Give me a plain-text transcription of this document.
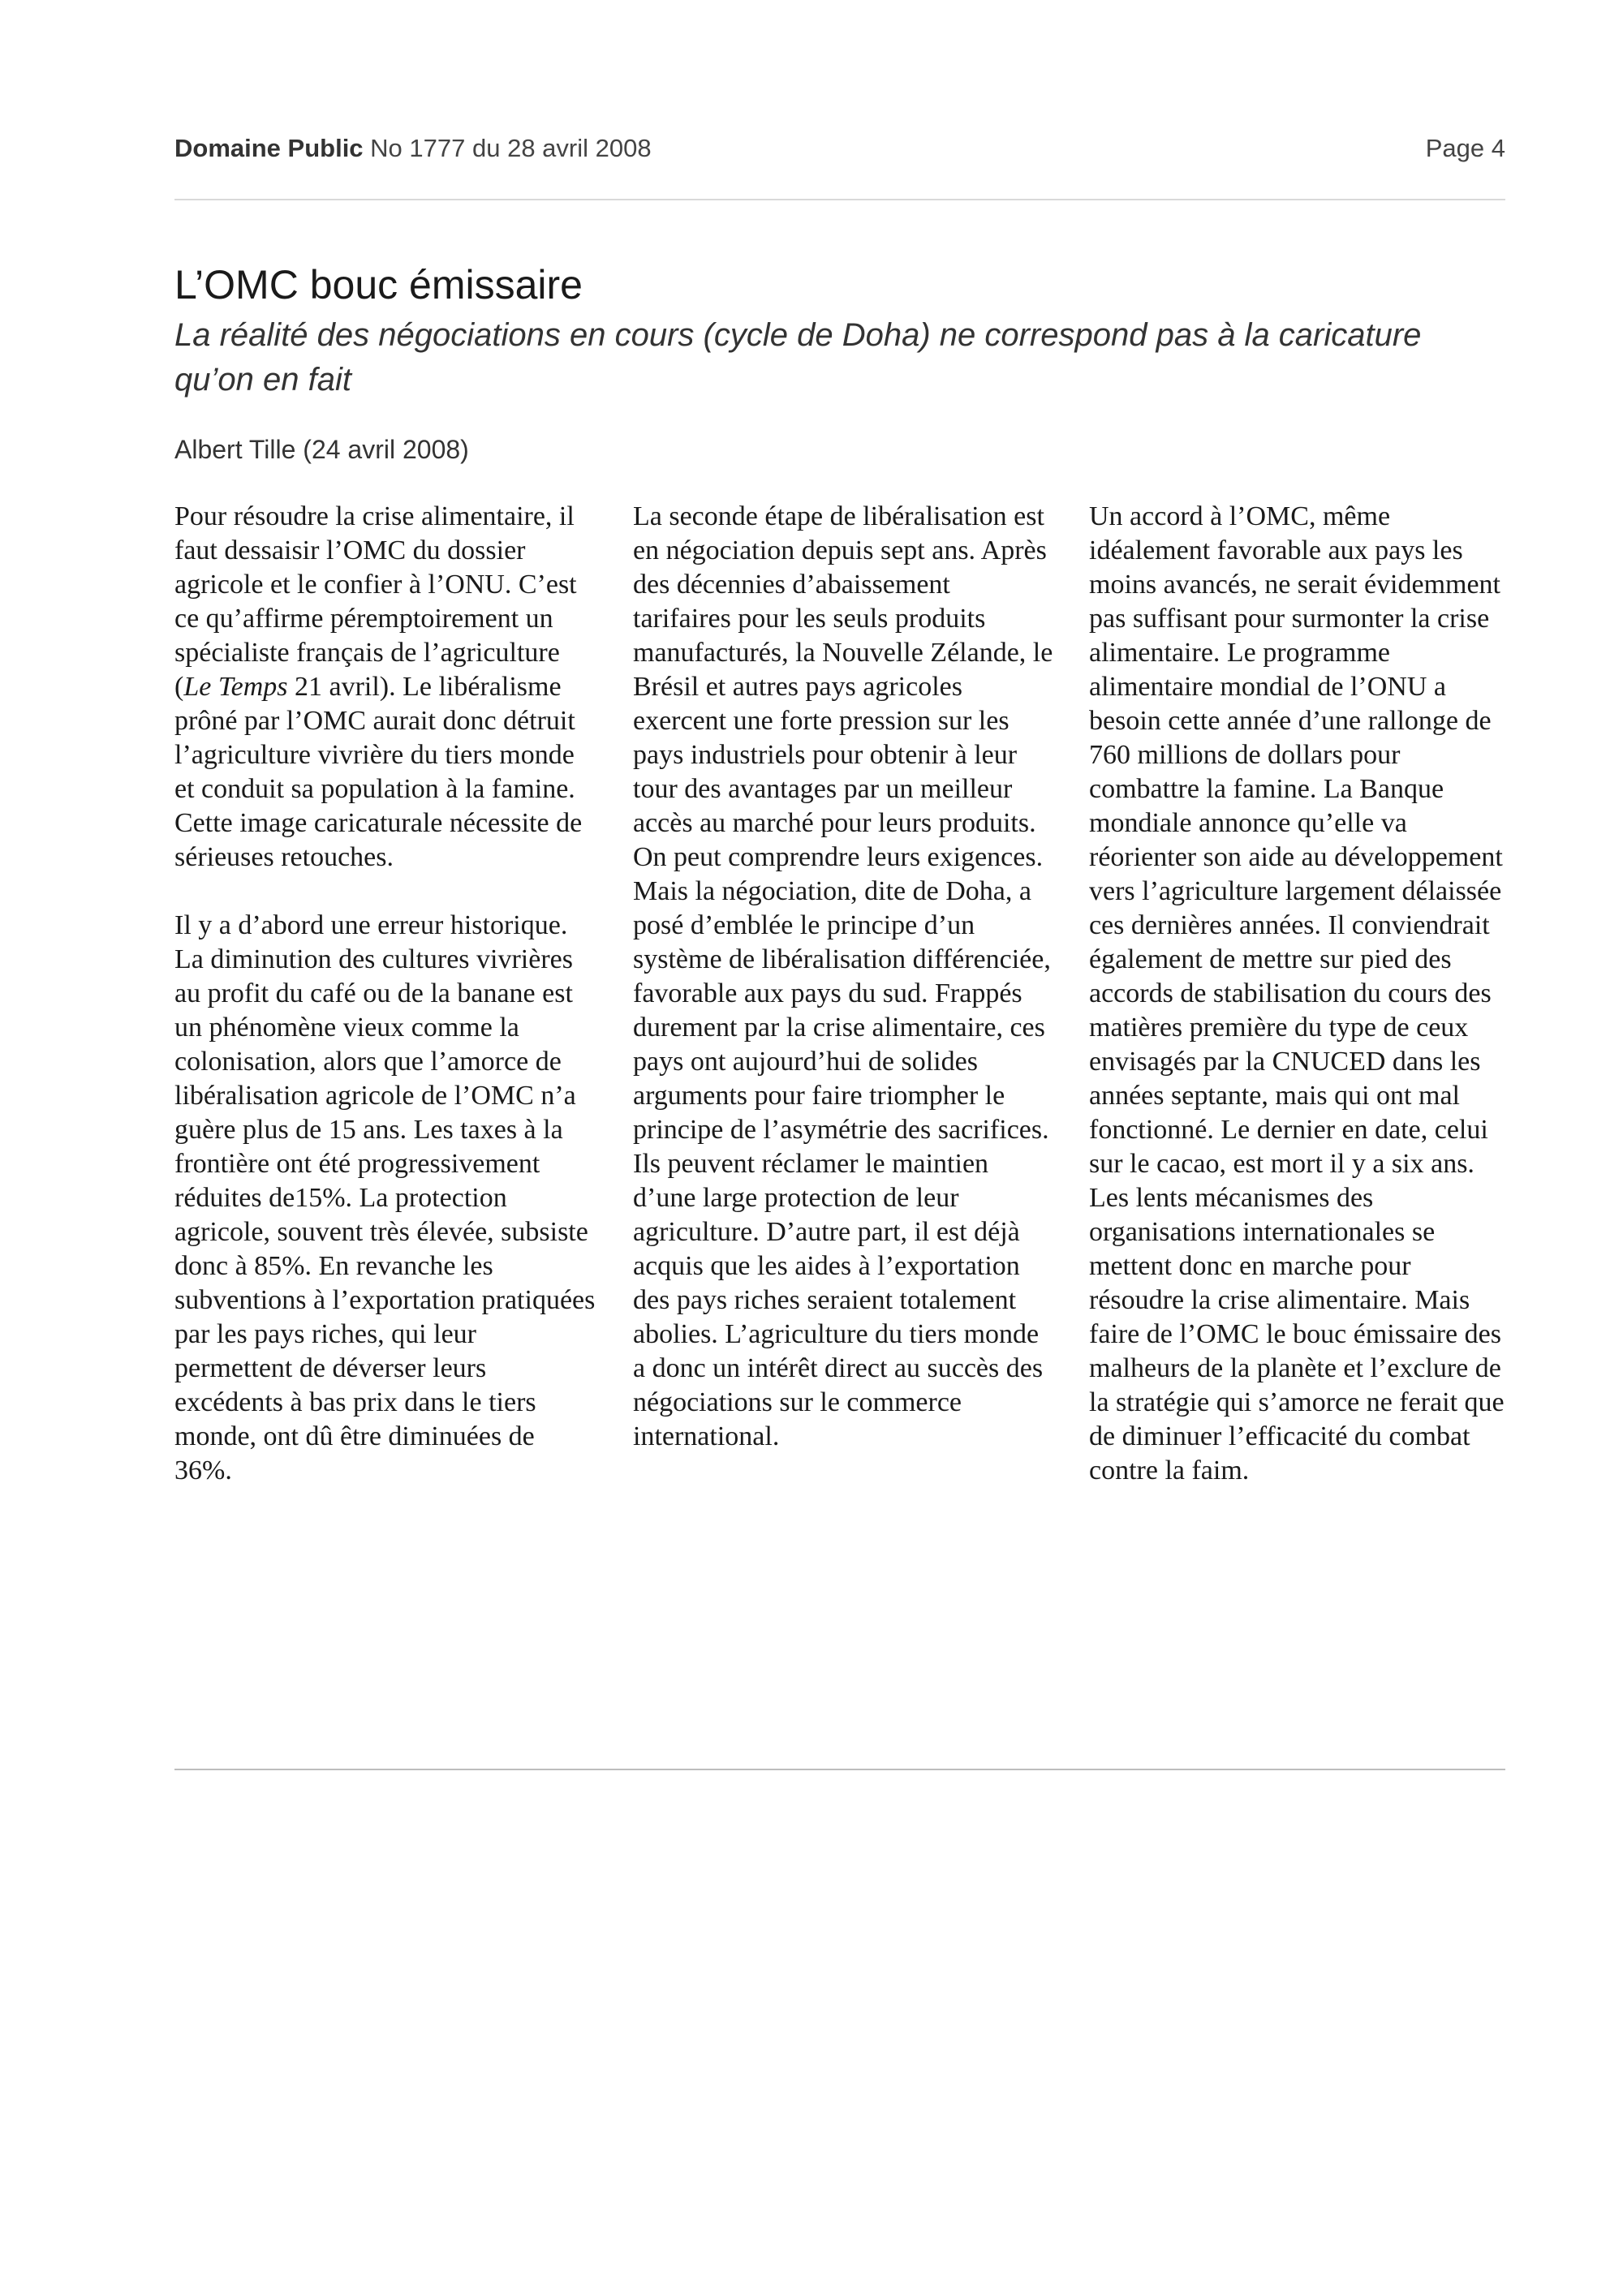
Domaine Public No 1777 du 28 avril 2008	Page 4
L’OMC bouc émissaire

La réalité des négociations en cours (cycle de Doha) ne correspond pas à la caricature qu’on en fait

Albert Tille (24 avril 2008)

Pour résoudre la crise alimentaire, il faut dessaisir l’OMC du dossier agricole et le confier à l’ONU. C’est ce qu’affirme péremptoirement un spécialiste français de l’agriculture (Le Temps 21 avril). Le libéralisme prôné par l’OMC aurait donc détruit l’agriculture vivrière du tiers monde et conduit sa population à la famine. Cette image caricaturale nécessite de sérieuses retouches.

Il y a d’abord une erreur historique. La diminution des cultures vivrières au profit du café ou de la banane est un phénomène vieux comme la colonisation, alors que l’amorce de libéralisation agricole de l’OMC n’a guère plus de 15 ans. Les taxes à la frontière ont été progressivement réduites de15%. La protection agricole, souvent très élevée, subsiste donc à 85%. En revanche les subventions à l’exportation pratiquées par les pays riches, qui leur permettent de déverser leurs excédents à bas prix dans le tiers monde, ont dû être diminuées de 36%.

La seconde étape de libéralisation est en négociation depuis sept ans. Après des décennies d’abaissement tarifaires pour les seuls produits manufacturés, la Nouvelle Zélande, le Brésil et autres pays agricoles exercent une forte pression sur les pays industriels pour obtenir à leur tour des avantages par un meilleur accès au marché pour leurs produits. On peut comprendre leurs exigences. Mais la négociation, dite de Doha, a posé d’emblée le principe d’un système de libéralisation différenciée, favorable aux pays du sud. Frappés durement par la crise alimentaire, ces pays ont aujourd’hui de solides arguments pour faire triompher le principe de l’asymétrie des sacrifices. Ils peuvent réclamer le maintien d’une large protection de leur agriculture. D’autre part, il est déjà acquis que les aides à l’exportation des pays riches seraient totalement abolies. L’agriculture du tiers monde a donc un intérêt direct au succès des négociations sur le commerce international.

Un accord à l’OMC, même idéalement favorable aux pays les moins avancés, ne serait évidemment pas suffisant pour surmonter la crise alimentaire. Le programme alimentaire mondial de l’ONU a besoin cette année d’une rallonge de 760 millions de dollars pour combattre la famine. La Banque mondiale annonce qu’elle va réorienter son aide au développement vers l’agriculture largement délaissée ces dernières années. Il conviendrait également de mettre sur pied des accords de stabilisation du cours des matières première du type de ceux envisagés par la CNUCED dans les années septante, mais qui ont mal fonctionné. Le dernier en date, celui sur le cacao, est mort il y a six ans. Les lents mécanismes des organisations internationales se mettent donc en marche pour résoudre la crise alimentaire. Mais faire de l’OMC le bouc émissaire des malheurs de la planète et l’exclure de la stratégie qui s’amorce ne ferait que de diminuer l’efficacité du combat contre la faim.
